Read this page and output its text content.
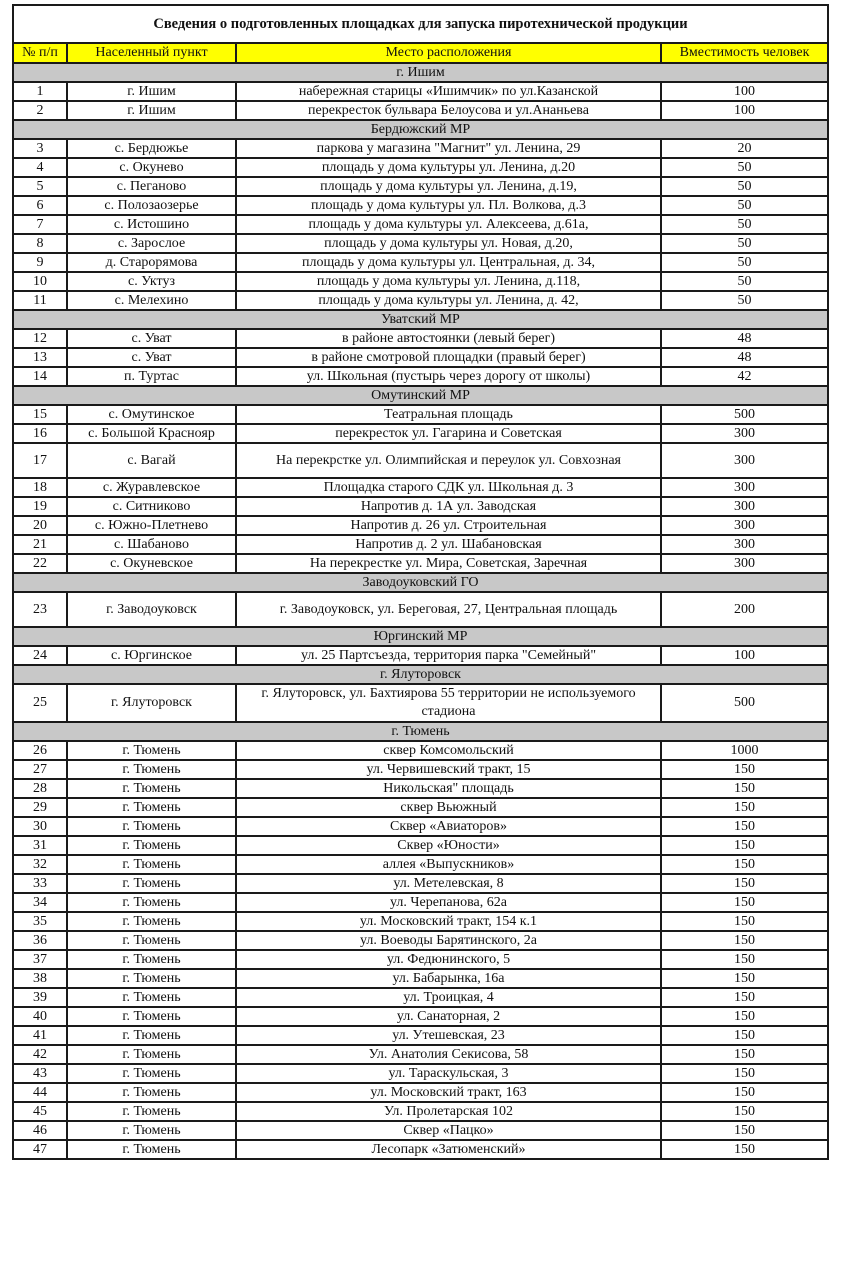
Сведения о подготовленных площадках для запуска пиротехнической продукции			
№ п/п	Населенный пункт	Место расположения	Вместимость человек
г. Ишим			
1	г. Ишим	набережная старицы «Ишимчик» по ул.Казанской	100
2	г. Ишим	перекресток бульвара Белоусова и ул.Ананьева	100
Бердюжский МР			
3	с. Бердюжье	паркова у магазина "Магнит" ул. Ленина, 29	20
4	с. Окунево	площадь у дома культуры ул. Ленина, д.20	50
5	с. Пеганово	площадь у дома культуры ул. Ленина, д.19,	50
6	с. Полозаозерье	площадь у дома культуры ул. Пл. Волкова, д.3	50
7	с. Истошино	площадь у дома культуры ул. Алексеева, д.61а,	50
8	с. Зарослое	площадь у дома культуры ул. Новая, д.20,	50
9	д. Старорямова	площадь у дома культуры ул. Центральная, д. 34,	50
10	с. Уктуз	площадь у дома культуры ул. Ленина, д.118,	50
11	с. Мелехино	площадь у дома культуры ул. Ленина, д. 42,	50
Уватский МР			
12	с. Уват	в районе автостоянки (левый берег)	48
13	с. Уват	в районе смотровой площадки (правый берег)	48
14	п. Туртас	ул. Школьная (пустырь через дорогу от школы)	42
Омутинский МР			
15	с. Омутинское	Театральная площадь	500
16	с. Большой Краснояр	перекресток ул. Гагарина и Советская	300
17	с. Вагай	На перекрстке ул. Олимпийская и переулок ул. Совхозная	300
18	с. Журавлевское	Площадка старого СДК ул. Школьная д. 3	300
19	с. Ситниково	Напротив д. 1А ул. Заводская	300
20	с. Южно-Плетнево	Напротив д. 26 ул. Строительная	300
21	с. Шабаново	Напротив д. 2 ул. Шабановская	300
22	с. Окуневское	На перекрестке ул. Мира, Советская, Заречная	300
Заводоуковский ГО			
23	г. Заводоуковск	г. Заводоуковск, ул. Береговая, 27, Центральная площадь	200
Юргинский МР			
24	с. Юргинское	ул. 25 Партсъезда, территория парка "Семейный"	100
г. Ялуторовск			
25	г. Ялуторовск	г. Ялуторовск, ул. Бахтиярова 55 территории не используемого стадиона	500
г. Тюмень			
26	г. Тюмень	сквер Комсомольский	1000
27	г. Тюмень	ул. Червишевский тракт, 15	150
28	г. Тюмень	Никольская" площадь	150
29	г. Тюмень	сквер Вьюжный	150
30	г. Тюмень	Сквер «Авиаторов»	150
31	г. Тюмень	Сквер «Юности»	150
32	г. Тюмень	аллея «Выпускников»	150
33	г. Тюмень	ул. Метелевская, 8	150
34	г. Тюмень	ул. Черепанова, 62а	150
35	г. Тюмень	ул. Московский тракт, 154 к.1	150
36	г. Тюмень	ул. Воеводы Барятинского, 2а	150
37	г. Тюмень	ул. Федюнинского, 5	150
38	г. Тюмень	ул. Бабарынка, 16а	150
39	г. Тюмень	ул. Троицкая, 4	150
40	г. Тюмень	ул. Санаторная, 2	150
41	г. Тюмень	ул. Утешевская, 23	150
42	г. Тюмень	Ул. Анатолия Секисова, 58	150
43	г. Тюмень	ул. Тараскульская, 3	150
44	г. Тюмень	ул. Московский тракт, 163	150
45	г. Тюмень	Ул. Пролетарская 102	150
46	г. Тюмень	Сквер «Пацко»	150
47	г. Тюмень	Лесопарк «Затюменский»	150
